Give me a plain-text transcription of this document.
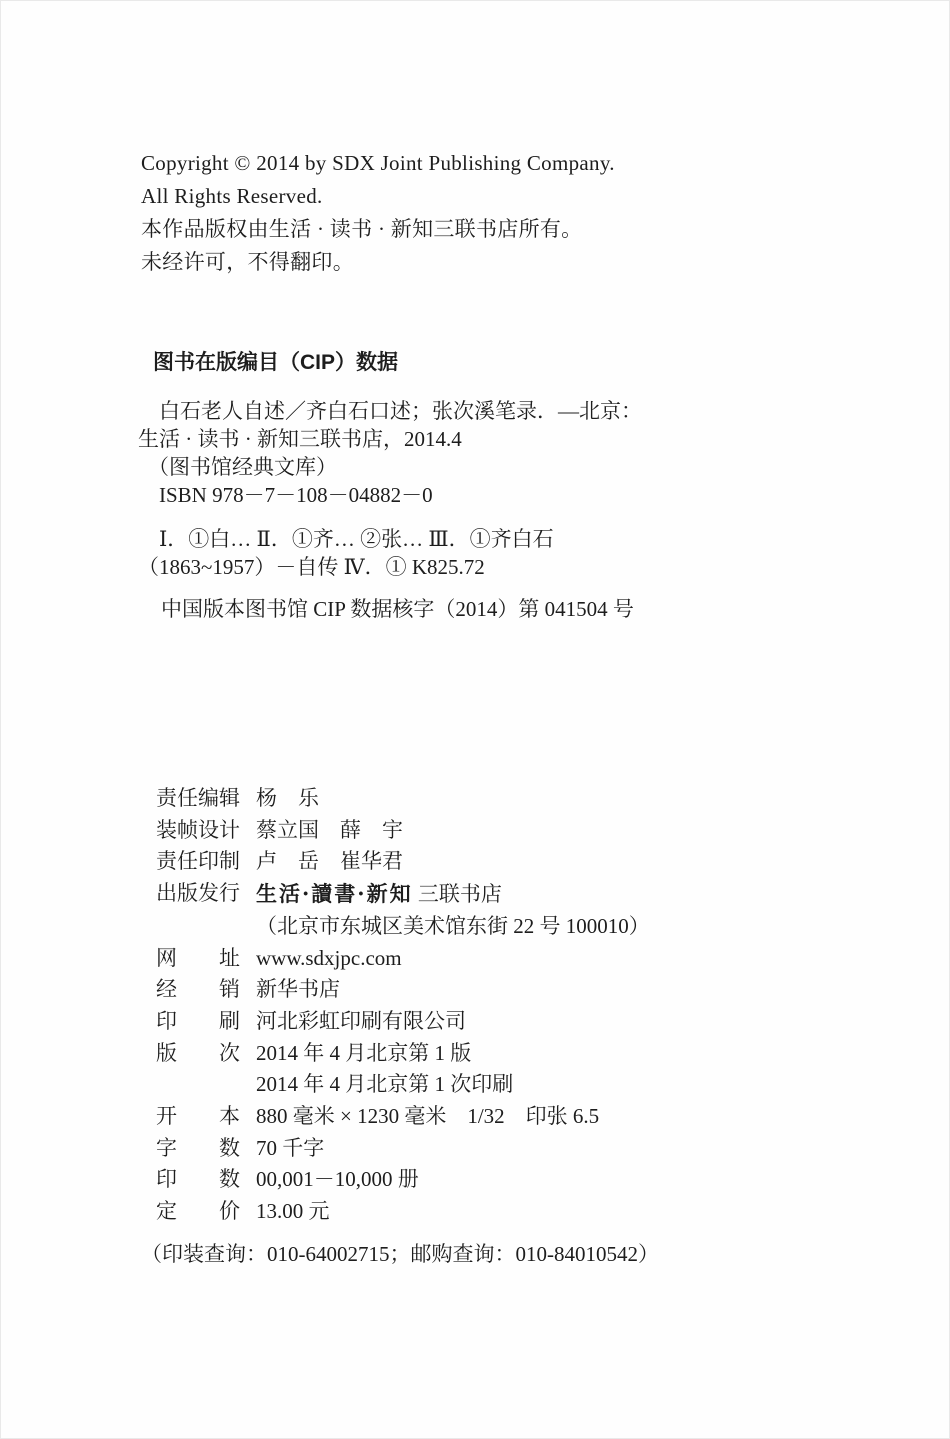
Copyright © 2014 by SDX Joint Publishing Company.
All Rights Reserved.
本作品版权由生活 · 读书 · 新知三联书店所有。
未经许可，不得翻印。
图书在版编目（CIP）数据
白石老人自述／齐白石口述；张次溪笔录．—北京：
生活 · 读书 · 新知三联书店，2014.4
（图书馆经典文库）
ISBN 978－7－108－04882－0
Ⅰ．①白… Ⅱ．①齐… ②张… Ⅲ．①齐白石
（1863~1957）－自传 Ⅳ．① K825.72
中国版本图书馆 CIP 数据核字（2014）第 041504 号
责任编辑 杨　乐
装帧设计 蔡立国　薛　宇
责任印制 卢　岳　崔华君
出版发行 生活·讀書·新知 三联书店
（北京市东城区美术馆东街 22 号 100010）
网　　址 www.sdxjpc.com
经　　销 新华书店
印　　刷 河北彩虹印刷有限公司
版　　次 2014 年 4 月北京第 1 版
2014 年 4 月北京第 1 次印刷
开　　本 880 毫米 × 1230 毫米　1/32　印张 6.5
字　　数 70 千字
印　　数 00,001－10,000 册
定　　价 13.00 元
（印装查询：010-64002715；邮购查询：010-84010542）
